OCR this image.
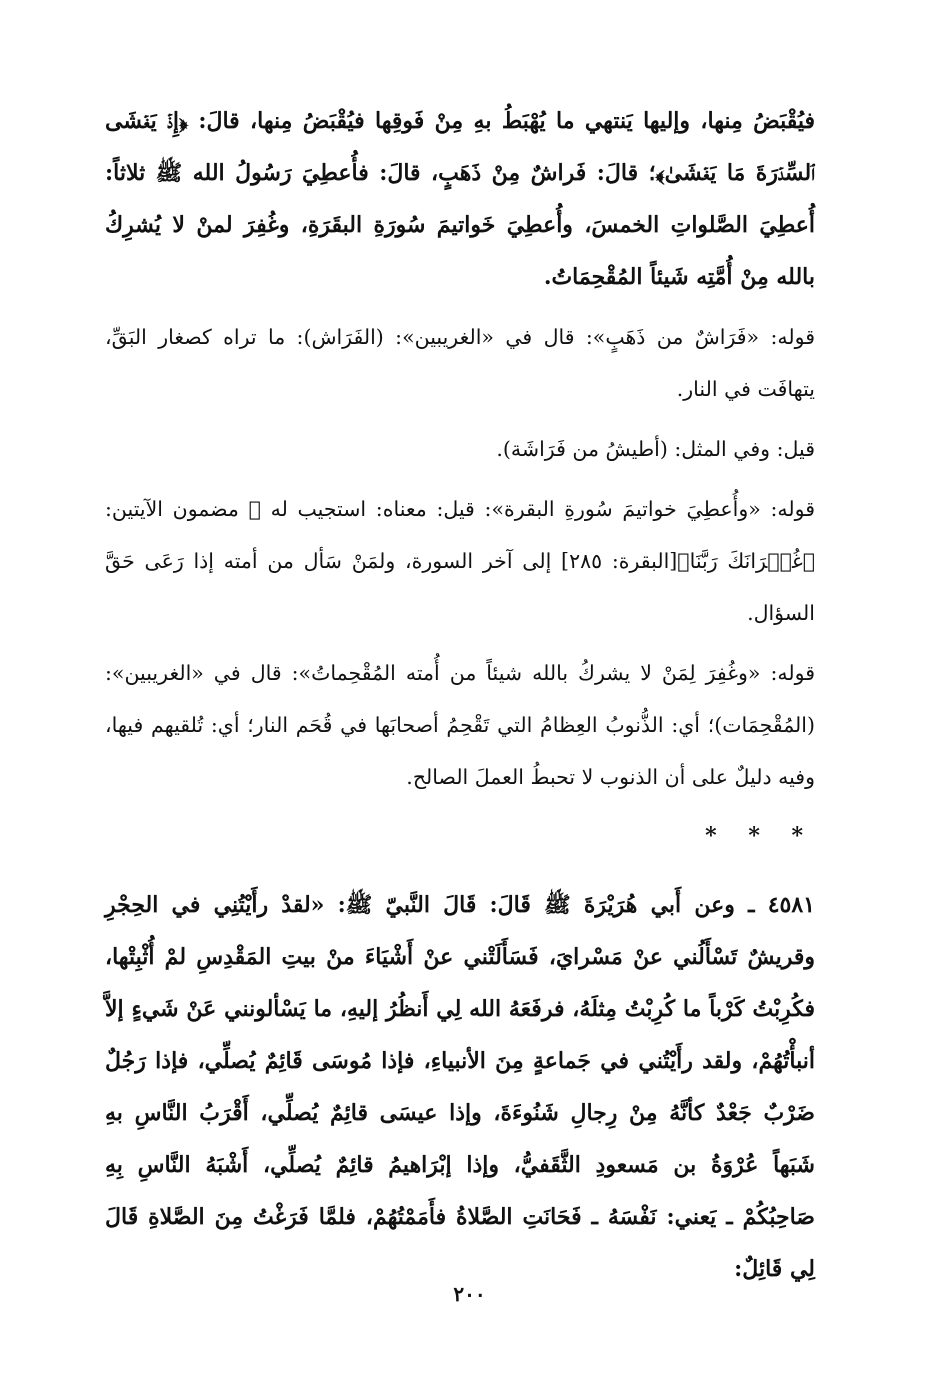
فيُقْبَضُ مِنها، وإليها يَنتهي ما يُهْبَطُ بهِ مِنْ فَوقِها فيُقْبَضُ مِنها، قالَ: ﴿إِذۡ يَغۡشَى ٱلسِّدۡرَةَ مَا يَغۡشَىٰ﴾؛ قالَ: فَراشٌ مِنْ ذَهَبٍ، قالَ: فأُعطِيَ رَسُولُ الله ﷺ ثلاثاً: أُعطِيَ الصَّلواتِ الخمسَ، وأُعطِيَ خَواتيمَ سُورَةِ البقَرَةِ، وغُفِرَ لمنْ لا يُشرِكُ بالله مِنْ أُمَّتِه شَيئاً المُقْحِمَاتُ.

قوله: «فَرَاشٌ من ذَهَبٍ»: قال في «الغريبين»: (الفَرَاش): ما تراه كصغار البَقِّ، يتهافَت في النار.

قيل: وفي المثل: (أطيشُ من فَرَاشَة).

قوله: «وأُعطِيَ خواتيمَ سُورةِ البقرة»: قيل: معناه: استجيب له ﷺ مضمون الآيتين: ﴿غُفۡرَانَكَ رَبَّنَا﴾[البقرة: ٢٨٥] إلى آخر السورة، ولمَنْ سَأل من أمته إذا رَعَى حَقَّ السؤال.

قوله: «وغُفِرَ لِمَنْ لا يشركُ بالله شيئاً من أُمته المُقْحِماتُ»: قال في «الغريبين»: (المُقْحِمَات)؛ أي: الذُّنوبُ العِظامُ التي تَقْحِمُ أصحابَها في قُحَم النار؛ أي: تُلقيهم فيها، وفيه دليلٌ على أن الذنوب لا تحبطُ العملَ الصالح.

* * *

٤٥٨١ ـ وعن أَبي هُرَيْرَةَ ﷺ قَالَ: قَالَ النَّبيّ ﷺ: «لقدْ رأَيْتُنِي في الحِجْرِ وقريشٌ تَسْأَلُني عنْ مَسْرايَ، فَسَأَلَتْني عنْ أَشْيَاءَ منْ بيتِ المَقْدِسِ لمْ أُثْبِتْها، فكُرِبْتُ كَرْباً ما كُرِبْتُ مِثلَهُ، فرفَعَهُ الله لِي أَنظُرُ إليهِ، ما يَسْألونني عَنْ شَيءٍ إلاَّ أنبأْتُهُمْ، ولقد رأَيْتُني في جَماعةٍ مِنَ الأنبياءِ، فإذا مُوسَى قَائِمٌ يُصلِّي، فإذا رَجُلٌ ضَرْبٌ جَعْدٌ كأنَّهُ مِنْ رِجالِ شَنُوءَةَ، وإذا عيسَى قائِمٌ يُصلِّي، أَقْرَبُ النَّاسِ بهِ شَبَهاً عُرْوَةُ بن مَسعودِ الثَّقَفيُّ، وإذا إبْرَاهيمُ قائِمٌ يُصلِّي، أَشْبَهُ النَّاسِ بِهِ صَاحِبُكُمْ ـ يَعني: نَفْسَهُ ـ فَحَانَتِ الصَّلاةُ فأَمَمْتُهُمْ، فلمَّا فَرَغْتُ مِنَ الصَّلاةِ قَالَ لِي قَائِلٌ:

٢٠٠
